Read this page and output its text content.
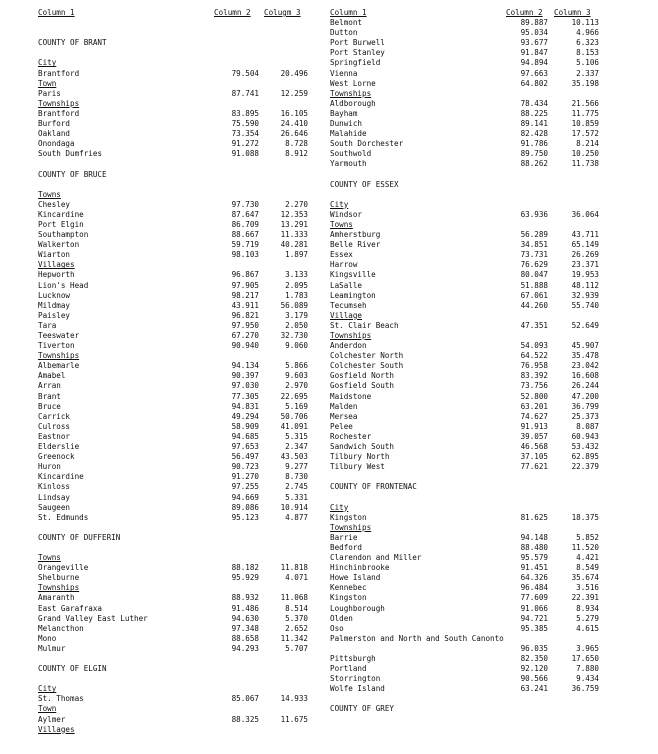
Column 1	Column 2 Colugm 3
COUNTY OF BRANT
City
Brantford	79.504	20.496
Town
Paris	87.741	12.259
Townships
Brantford	83.895	16.105
Burford	75.590	24.410
Oakland	73.354	26.646
Onondaga	91.272	8.728
South Dumfries	91.088	8.912
COUNTY OF BRUCE
Towns
Chesley	97.730	2.270
Kincardine	87.647	12.353
Port Elgin	86.709	13.291
Southampton	88.667	11.333
Walkerton	59.719	40.281
Wiarton	98.103	1.897
Villages
Hepworth	96.867	3.133
Lion's Head	97.905	2.095
Lucknow	98.217	1.783
Mildmay	43.911	56.089
Paisley	96.821	3.179
Tara	97.950	2.050
Teeswater	67.270	32.730
Tiverton	90.940	9.060
Townships
Albemarle	94.134	5.866
Amabel	90.397	9.603
Arran	97.030	2.970
Brant	77.305	22.695
Bruce	94.831	5.169
Carrick	49.294	50.706
Culross	58.909	41.091
Eastnor	94.685	5.315
Elderslie	97.653	2.347
Greenock	56.497	43.503
Huron	90.723	9.277
Kincardine	91.270	8.730
Kinloss	97.255	2.745
Lindsay	94.669	5.331
Saugeen	89.086	10.914
St. Edmunds	95.123	4.877
COUNTY OF DUFFERIN
Towns
Orangeville	88.182	11.818
Shelburne	95.929	4.071
Townships
Amaranth	88.932	11.068
East Garafraxa	91.486	8.514
Grand Valley East Luther	94.630	5.370
Melancthon	97.348	2.652
Mono	88.658	11.342
Mulmur	94.293	5.707
COUNTY OF ELGIN
City
St. Thomas	85.067	14.933
Town
Aylmer	88.325	11.675
Villages
Column 1	Column 2 Column 3
Belmont	89.887	10.113
Dutton	95.034	4.966
Port Burwell	93.677	6.323
Port Stanley	91.847	8.153
Springfield	94.894	5.106
Vienna	97.663	2.337
West Lorne	64.802	35.198
Townships
Aldborough	78.434	21.566
Bayham	88.225	11.775
Dunwich	89.141	10.859
Malahide	82.428	17.572
South Dorchester	91.786	8.214
Southwold	89.750	10.250
Yarmouth	88.262	11.738
COUNTY OF ESSEX
City
Windsor	63.936	36.064
Towns
Amherstburg	56.289	43.711
Belle River	34.851	65.149
Essex	73.731	26.269
Harrow	76.629	23.371
Kingsville	80.047	19.953
LaSalle	51.888	48.112
Leamington	67.061	32.939
Tecumseh	44.260	55.740
Village
St. Clair Beach	47.351	52.649
Townships
Anderdon	54.093	45.907
Colchester North	64.522	35.478
Colchester South	76.958	23.042
Gosfield North	83.392	16.608
Gosfield South	73.756	26.244
Maidstone	52.800	47.200
Malden	63.201	36.799
Mersea	74.627	25.373
Pelee	91.913	8.087
Rochester	39.057	60.943
Sandwich South	46.568	53.432
Tilbury North	37.105	62.895
Tilbury West	77.621	22.379
COUNTY OF FRONTENAC
City
Kingston	81.625	18.375
Townships
Barrie	94.148	5.852
Bedford	88.480	11.520
Clarendon and Miller	95.579	4.421
Hinchinbrooke	91.451	8.549
Howe Island	64.326	35.674
Kennebec	96.484	3.516
Kingston	77.609	22.391
Loughborough	91.066	8.934
Olden	94.721	5.279
Oso	95.385	4.615
Palmerston and North and South Canonto
96.035	3.965
Pittsburgh	82.350	17.650
Portland	92.120	7.880
Storrington	90.566	9.434
Wolfe Island	63.241	36.759
COUNTY OF GREY
